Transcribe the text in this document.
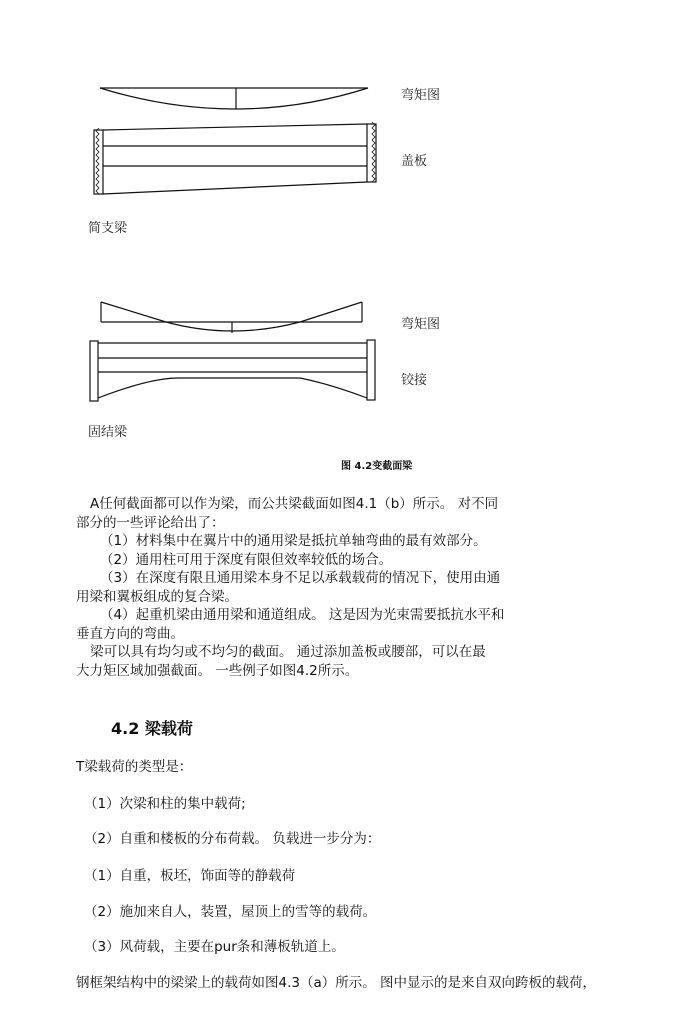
弯矩图
盖板
简支梁
弯矩图
铰接
固结梁
图 4.2变截面梁
A任何截面都可以作为梁，而公共梁截面如图4.1（b）所示。 对不同
部分的一些评论给出了：
（1）材料集中在翼片中的通用梁是抵抗单轴弯曲的最有效部分。
（2）通用柱可用于深度有限但效率较低的场合。
（3）在深度有限且通用梁本身不足以承载载荷的情况下，使用由通
用梁和翼板组成的复合梁。
（4）起重机梁由通用梁和通道组成。 这是因为光束需要抵抗水平和
垂直方向的弯曲。
梁可以具有均匀或不均匀的截面。 通过添加盖板或腰部，可以在最
大力矩区域加强截面。 一些例子如图4.2所示。
4.2 梁载荷
T梁载荷的类型是：
（1）次梁和柱的集中载荷;
（2）自重和楼板的分布荷载。 负载进一步分为：
（1）自重，板坯，饰面等的静载荷
（2）施加来自人，装置，屋顶上的雪等的载荷。
（3）风荷载，主要在pur条和薄板轨道上。
钢框架结构中的梁梁上的载荷如图4.3（a）所示。 图中显示的是来自双向跨板的载荷，
